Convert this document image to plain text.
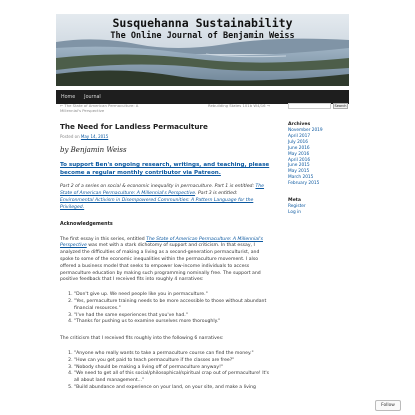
Susquehanna Sustainability
The Online Journal of Benjamin Weiss
Home Journal
← The State of American Permaculture: A Millennial's Perspective
Rebuilding States 101b W4/16 →
The Need for Landless Permaculture
Posted on May 14, 2015
by Benjamin Weiss
To support Ben's ongoing research, writings, and teaching, please become a regular monthly contributor via Patreon.
Part 2 of a series on social & economic inequality in permaculture. Part 1 is entitled: The State of American Permaculture: A Millennial's Perspective. Part 3 is entitled: Environmental Activism in Disempowered Communities: A Pattern Language for the Privileged.
Acknowledgements
The first essay in this series, entitled The State of American Permaculture: A Millennial's Perspective was met with a stark dichotomy of support and criticism. In that essay, I analyzed the difficulties of making a living as a second-generation permaculturist, and spoke to some of the economic inequalities within the permaculture movement. I also offered a business model that seeks to empower low-income individuals to access permaculture education by making such programming nominally free. The support and positive feedback that I received fits into roughly 4 narratives:
1. "Don't give up. We need people like you in permaculture."
2. "Yes, permaculture training needs to be more accessible to those without abundant financial resources."
3. "I've had the same experiences that you've had."
4. "Thanks for pushing us to examine ourselves more thoroughly."
The criticism that I received fits roughly into the following 6 narratives:
1. "Anyone who really wants to take a permaculture course can find the money."
2. "How can you get paid to teach permaculture if the classes are free?"
3. "Nobody should be making a living off of permaculture anyway!"
4. "We need to get all of this social/philosophical/spiritual crap out of permaculture! It's all about land management..."
5. "Build abundance and experience on your land, on your site, and make a living
Search
Archives
November 2019
April 2017
July 2016
June 2016
May 2016
April 2016
June 2015
May 2015
March 2015
February 2015
Meta
Register
Log in
Follow
